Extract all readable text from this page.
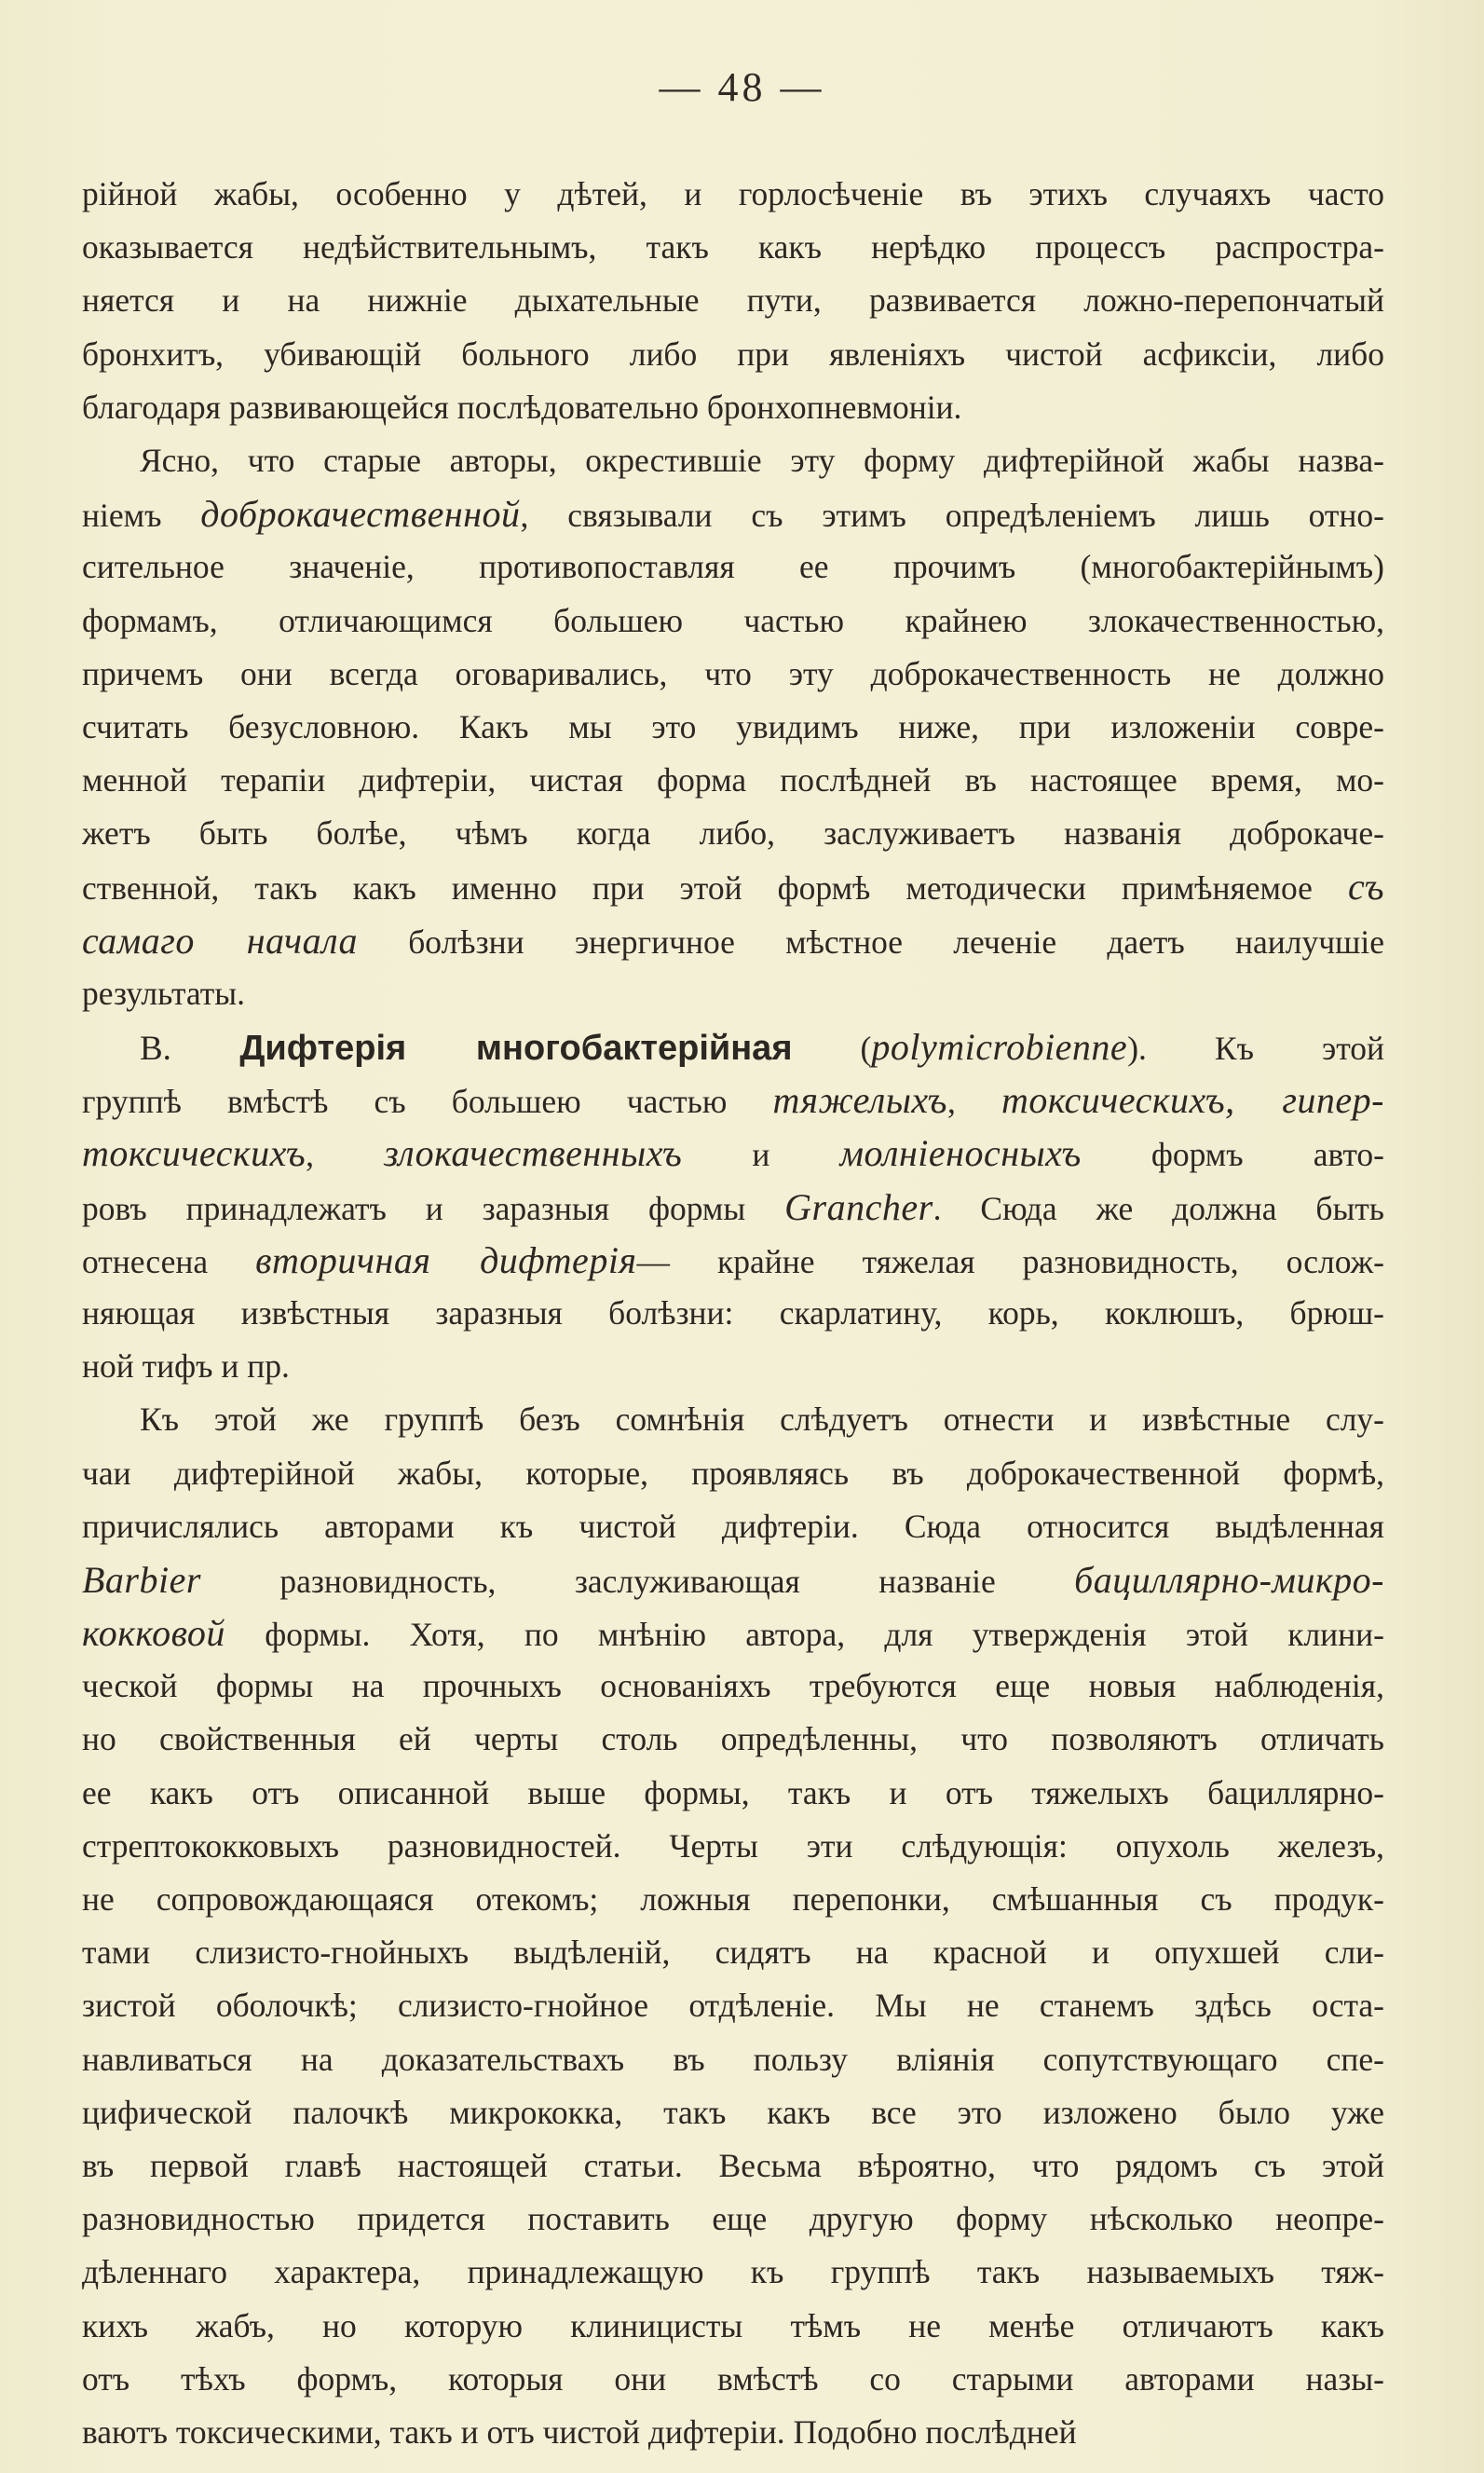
— 48 —
рійной жабы, особенно у дѣтей, и горлосѣченіе въ этихъ случаяхъ часто
оказывается недѣйствительнымъ, такъ какъ нерѣдко процессъ распростра-
няется и на нижніе дыхательные пути, развивается ложно-перепончатый
бронхитъ, убивающій больного либо при явленіяхъ чистой асфиксіи, либо
благодаря развивающейся послѣдовательно бронхопневмоніи.
Ясно, что старые авторы, окрестившіе эту форму дифтерійной жабы назва-
ніемъ доброкачественной, связывали съ этимъ опредѣленіемъ лишь отно-
сительное значеніе, противопоставляя ее прочимъ (многобактерійнымъ)
формамъ, отличающимся большею частью крайнею злокачественностью,
причемъ они всегда оговаривались, что эту доброкачественность не должно
считать безусловною. Какъ мы это увидимъ ниже, при изложеніи совре-
менной терапіи дифтеріи, чистая форма послѣдней въ настоящее время, мо-
жетъ быть болѣе, чѣмъ когда либо, заслуживаетъ названія доброкаче-
ственной, такъ какъ именно при этой формѣ методически примѣняемое съ
самаго начала болѣзни энергичное мѣстное леченіе даетъ наилучшіе
результаты.
B. Дифтерія многобактерійная (polymicrobienne). Къ этой
группѣ вмѣстѣ съ большею частью тяжелыхъ, токсическихъ, гипер-
токсическихъ, злокачественныхъ и молніеносныхъ формъ авто-
ровъ принадлежатъ и заразныя формы Grancher. Сюда же должна быть
отнесена вторичная дифтерія— крайне тяжелая разновидность, ослож-
няющая извѣстныя заразныя болѣзни: скарлатину, корь, коклюшъ, брюш-
ной тифъ и пр.
Къ этой же группѣ безъ сомнѣнія слѣдуетъ отнести и извѣстные слу-
чаи дифтерійной жабы, которые, проявляясь въ доброкачественной формѣ,
причислялись авторами къ чистой дифтеріи. Сюда относится выдѣленная
Barbier разновидность, заслуживающая названіе бациллярно-микро-
кокковой формы. Хотя, по мнѣнію автора, для утвержденія этой клини-
ческой формы на прочныхъ основаніяхъ требуются еще новыя наблюденія,
но свойственныя ей черты столь опредѣленны, что позволяютъ отличать
ее какъ отъ описанной выше формы, такъ и отъ тяжелыхъ бациллярно-
стрептококковыхъ разновидностей. Черты эти слѣдующія: опухоль железъ,
не сопровождающаяся отекомъ; ложныя перепонки, смѣшанныя съ продук-
тами слизисто-гнойныхъ выдѣленій, сидятъ на красной и опухшей сли-
зистой оболочкѣ; слизисто-гнойное отдѣленіе. Мы не станемъ здѣсь оста-
навливаться на доказательствахъ въ пользу вліянія сопутствующаго спе-
цифической палочкѣ микрококка, такъ какъ все это изложено было уже
въ первой главѣ настоящей статьи. Весьма вѣроятно, что рядомъ съ этой
разновидностью придется поставить еще другую форму нѣсколько неопре-
дѣленнаго характера, принадлежащую къ группѣ такъ называемыхъ тяж-
кихъ жабъ, но которую клиницисты тѣмъ не менѣе отличаютъ какъ
отъ тѣхъ формъ, которыя они вмѣстѣ со старыми авторами назы-
ваютъ токсическими, такъ и отъ чистой дифтеріи. Подобно послѣдней
